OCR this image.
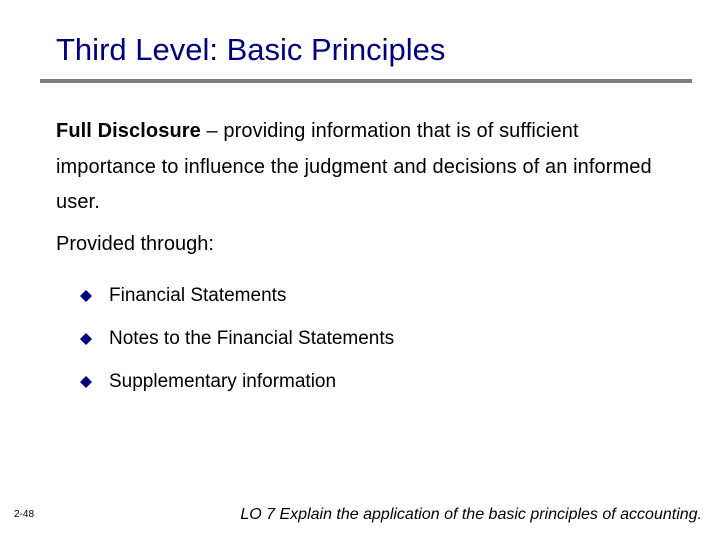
Third Level: Basic Principles
Full Disclosure – providing information that is of sufficient importance to influence the judgment and decisions of an informed user.
Provided through:
Financial Statements
Notes to the Financial Statements
Supplementary information
2-48	LO 7 Explain the application of the basic principles of accounting.
